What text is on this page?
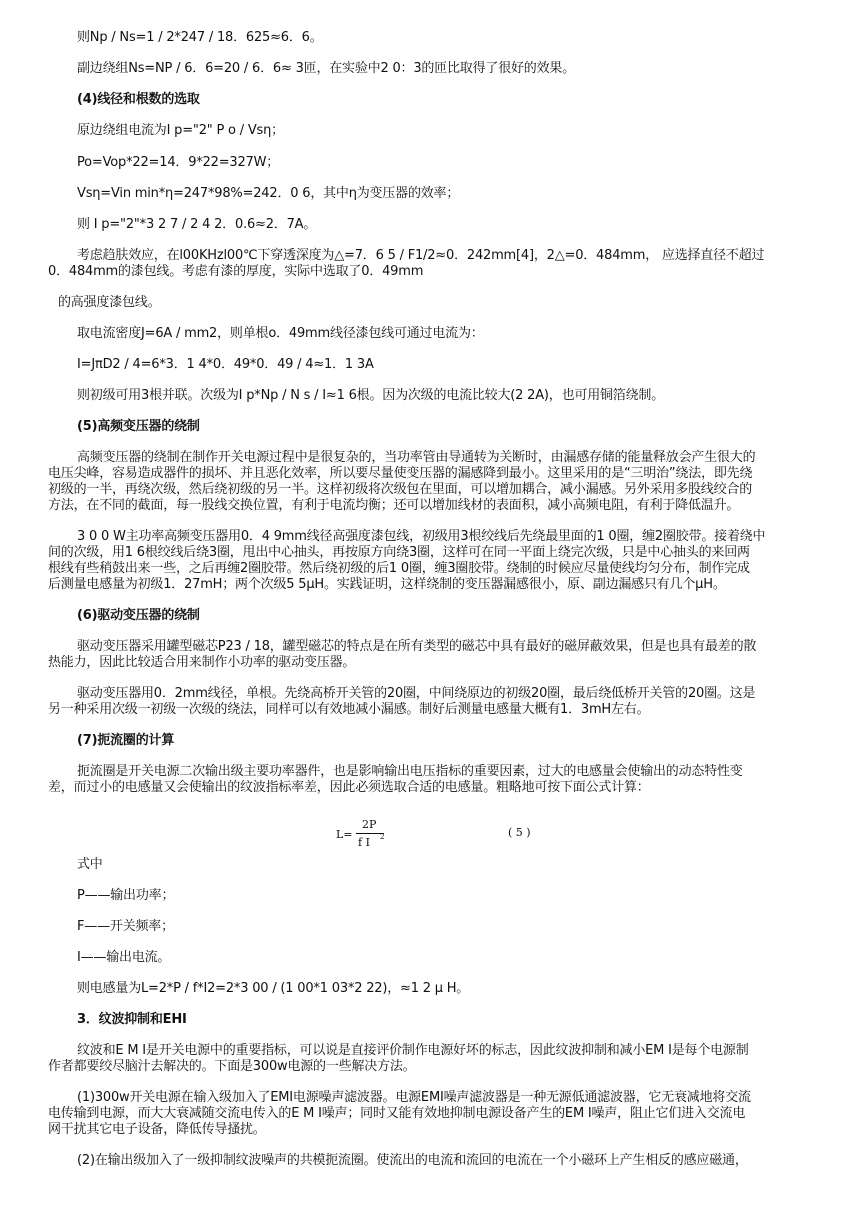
L=
2P
f I 2	( 5 )
则Np / Ns=1 / 2*247 / 18．625≈6．6。
副边绕组Ns=NP / 6．6=20 / 6．6≈ 3匝，在实验中2 0：3的匝比取得了很好的效果。
(4)线径和根数的选取
原边绕组电流为I p="2" P o / Vsη；
Po=Vop*22=14．9*22=327W；
Vsη=Vin min*η=247*98%=242．0 6，其中η为变压器的效率；
则 I p="2"*3 2 7 / 2 4 2．0.6≈2．7A。
考虑趋肤效应，在l00KHzl00℃下穿透深度为△=7．6 5 / F1/2≈0．242mm[4]，2△=0．484mm， 应选择直径不超过
0．484mm的漆包线。考虑有漆的厚度，实际中选取了0．49mm
的高强度漆包线。
取电流密度J=6A / mm2，则单根o．49mm线径漆包线可通过电流为：
I=JπD2 / 4=6*3．1 4*0．49*0．49 / 4≈1．1 3A
则初级可用3根并联。次级为I p*Np / N s / I≈1 6根。因为次级的电流比较大(2 2A)，也可用铜箔绕制。
(5)高频变压器的绕制
高频变压器的绕制在制作开关电源过程中是很复杂的，当功率管由导通转为关断时，由漏感存储的能量释放会产生很大的
电压尖峰，容易造成器件的损坏、并且恶化效率，所以要尽量使变压器的漏感降到最小。这里采用的是“三明治”绕法，即先绕
初级的一半，再绕次级，然后绕初级的另一半。这样初级将次级包在里面，可以增加耦合，减小漏感。另外采用多股线绞合的
方法，在不同的截面，每一股线交换位置，有利于电流均衡；还可以增加线材的表面积，减小高频电阻，有利于降低温升。
3 0 0 W主功率高频变压器用0．4 9mm线径高强度漆包线，初级用3根绞线后先绕最里面的1 0圈，缠2圈胶带。接着绕中
间的次级，用1 6根绞线后绕3圈，甩出中心抽头，再按原方向绕3圈，这样可在同一平面上绕完次级，只是中心抽头的来回两
根线有些稍鼓出来一些，之后再缠2圈胶带。然后绕初级的后1 0圈，缠3圈胶带。绕制的时候应尽量使线均匀分布，制作完成
后测量电感量为初级1．27mH；两个次级5 5μH。实践证明，这样绕制的变压器漏感很小，原、副边漏感只有几个μH。
(6)驱动变压器的绕制
驱动变压器采用罐型磁芯P23 / 18，罐型磁芯的特点是在所有类型的磁芯中具有最好的磁屏蔽效果，但是也具有最差的散
热能力，因此比较适合用来制作小功率的驱动变压器。
驱动变压器用0．2mm线径，单根。先绕高桥开关管的20圈，中间绕原边的初级20圈，最后绕低桥开关管的20圈。这是
另一种采用次级一初级一次级的绕法，同样可以有效地减小漏感。制好后测量电感量大概有1．3mH左右。
(7)扼流圈的计算
扼流圈是开关电源二次输出级主要功率器件，也是影响输出电压指标的重要因素，过大的电感量会使输出的动态特性变
差，而过小的电感量又会使输出的纹波指标率差，因此必须选取合适的电感量。粗略地可按下面公式计算：
式中
P——输出功率；
F——开关频率；
I——输出电流。
则电感量为L=2*P / f*I2=2*3 00 / (1 00*1 03*2 22)，≈1 2 μ H。
3．纹波抑制和EHI
纹波和E M I是开关电源中的重要指标，可以说是直接评价制作电源好坏的标志，因此纹波抑制和减小EM I是每个电源制
作者都要绞尽脑汁去解决的。下面是300w电源的一些解决方法。
(1)300w开关电源在输入级加入了EMI电源噪声滤波器。电源EMI噪声滤波器是一种无源低通滤波器，它无衰减地将交流
电传输到电源，而大大衰减随交流电传入的E M I噪声；同时又能有效地抑制电源设备产生的EM I噪声，阻止它们进入交流电
网干扰其它电子设备，降低传导搔扰。
(2)在输出级加入了一级抑制纹波噪声的共模扼流圈。使流出的电流和流回的电流在一个小磁环上产生相反的感应磁通，
